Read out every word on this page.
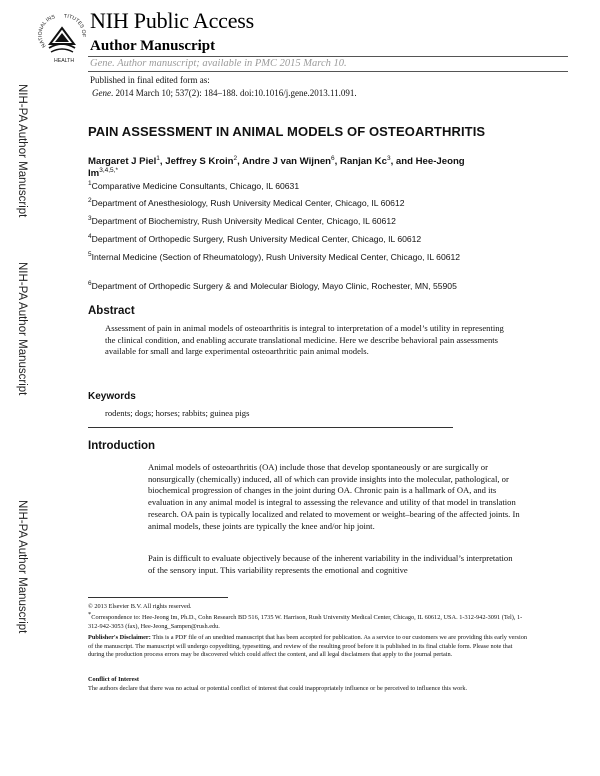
NATIONAL INS TITUTES OF
HEALTH
NIH Public Access
Author Manuscript
Gene. Author manuscript; available in PMC 2015 March 10.
Published in final edited form as:
Gene. 2014 March 10; 537(2): 184–188. doi:10.1016/j.gene.2013.11.091.
NIH-PA Author Manuscript
NIH-PA Author Manuscript
NIH-PA Author Manuscript
PAIN ASSESSMENT IN ANIMAL MODELS OF OSTEOARTHRITIS
Margaret J Piel$^1$, Jeffrey S Kroin$^2$, Andre J van Wijnen$^6$, Ranjan Kc$^3$, and Hee-Jeong $Im^{3,4,5,*}$
$^1$Comparative Medicine Consultants, Chicago, IL 60631
$^2$Department of Anesthesiology, Rush University Medical Center, Chicago, IL 60612
$^3$Department of Biochemistry, Rush University Medical Center, Chicago, IL 60612
$^4$Department of Orthopedic Surgery, Rush University Medical Center, Chicago, IL 60612
$^5$Internal Medicine (Section of Rheumatology), Rush University Medical Center, Chicago, IL 60612
$^6$Department of Orthopedic Surgery & and Molecular Biology, Mayo Clinic, Rochester, MN, 55905
Abstract
Assessment of pain in animal models of osteoarthritis is integral to interpretation of a model’s utility in representing the clinical condition, and enabling accurate translational medicine. Here we describe behavioral pain assessments available for small and large experimental osteoarthritic pain animal models.
Keywords
rodents; dogs; horses; rabbits; guinea pigs
Introduction
Animal models of osteoarthritis (OA) include those that develop spontaneously or are surgically or nonsurgically (chemically) induced, all of which can provide insights into the molecular, pathological, or biochemical progression of changes in the joint during OA. Chronic pain is a hallmark of OA, and its evaluation in any animal model is integral to assessing the relevance and utility of that model in translation research. OA pain is typically localized and related to movement or weight–bearing of the affected joints. In animal models, these joints are typically the knee and/or hip joint.
Pain is difficult to evaluate objectively because of the inherent variability in the individual’s interpretation of the sensory input. This variability represents the emotional and cognitive
© 2013 Elsevier B.V. All rights reserved.
*Correspondence to: Hee-Jeong Im, Ph.D., Cohn Research BD 516, 1735 W. Harrison, Rush University Medical Center, Chicago, IL 60612, USA. 1-312-942-3091 (Tel), 1-312-942-3053 (fax), Hee-Jeong_Sampen@rush.edu.
Publisher's Disclaimer: This is a PDF file of an unedited manuscript that has been accepted for publication. As a service to our customers we are providing this early version of the manuscript. The manuscript will undergo copyediting, typesetting, and review of the resulting proof before it is published in its final citable form. Please note that during the production process errors may be discovered which could affect the content, and all legal disclaimers that apply to the journal pertain.
Conflict of Interest
The authors declare that there was no actual or potential conflict of interest that could inappropriately influence or be perceived to influence this work.
